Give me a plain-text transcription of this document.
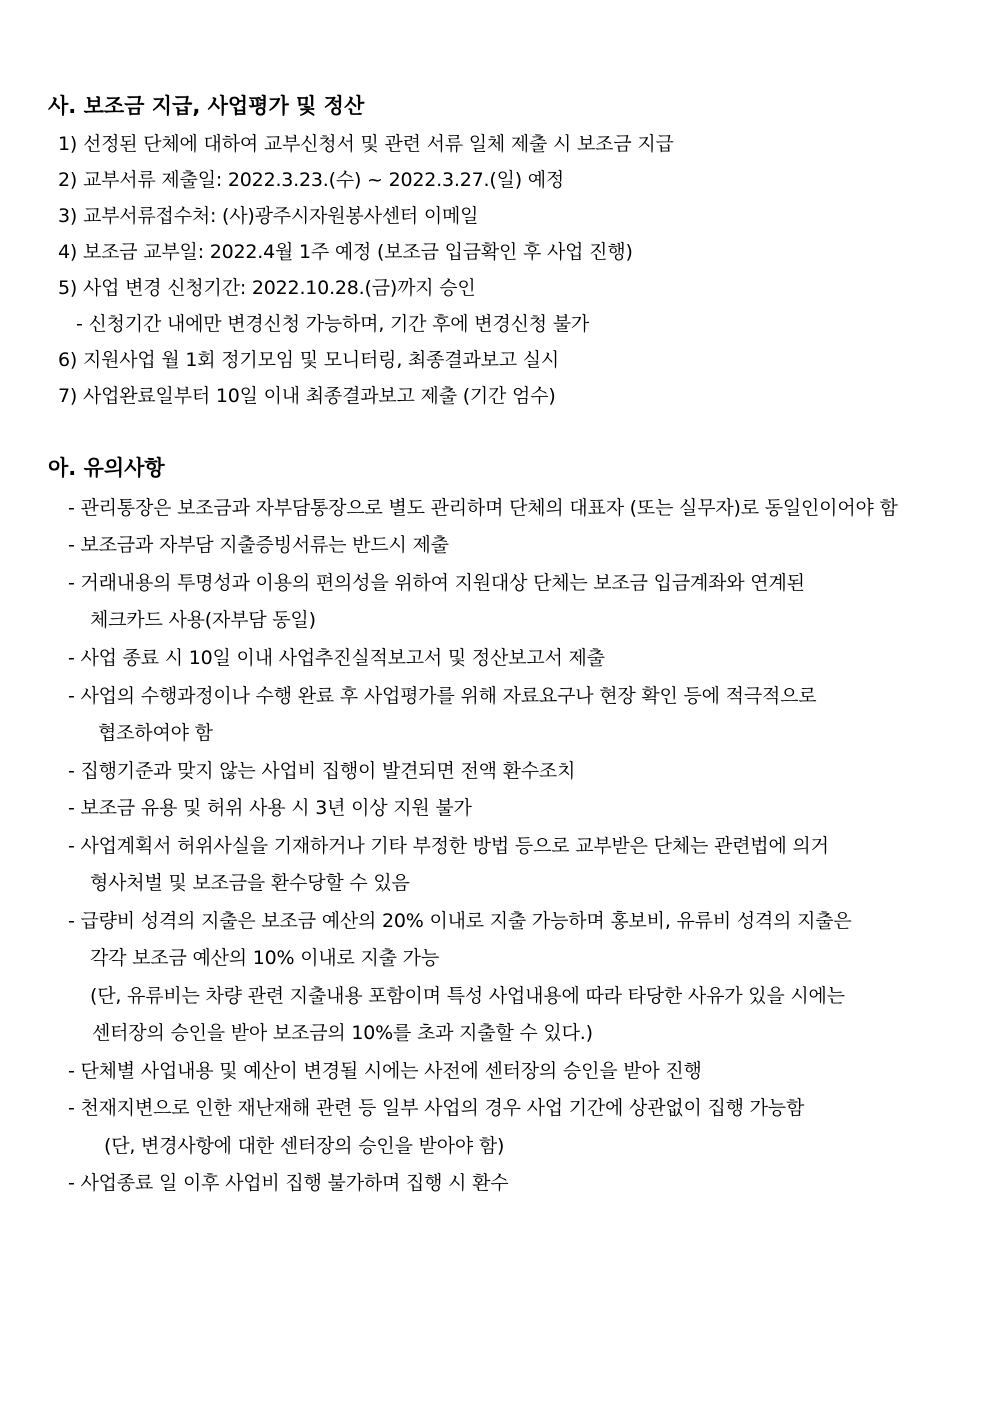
사. 보조금 지급, 사업평가 및 정산
1) 선정된 단체에 대하여 교부신청서 및 관련 서류 일체 제출 시 보조금 지급
2) 교부서류 제출일: 2022.3.23.(수) ~ 2022.3.27.(일) 예정
3) 교부서류접수처: (사)광주시자원봉사센터 이메일
4) 보조금 교부일: 2022.4월 1주 예정 (보조금 입금확인 후 사업 진행)
5) 사업 변경 신청기간: 2022.10.28.(금)까지 승인
- 신청기간 내에만 변경신청 가능하며, 기간 후에 변경신청 불가
6) 지원사업 월 1회 정기모임 및 모니터링, 최종결과보고 실시
7) 사업완료일부터 10일 이내 최종결과보고 제출 (기간 엄수)
아. 유의사항
- 관리통장은 보조금과 자부담통장으로 별도 관리하며 단체의 대표자 (또는 실무자)로 동일인이어야 함
- 보조금과 자부담 지출증빙서류는 반드시 제출
- 거래내용의 투명성과 이용의 편의성을 위하여 지원대상 단체는 보조금 입금계좌와 연계된
체크카드 사용(자부담 동일)
- 사업 종료 시 10일 이내 사업추진실적보고서 및 정산보고서 제출
- 사업의 수행과정이나 수행 완료 후 사업평가를 위해 자료요구나 현장 확인 등에 적극적으로
협조하여야 함
- 집행기준과 맞지 않는 사업비 집행이 발견되면 전액 환수조치
- 보조금 유용 및 허위 사용 시 3년 이상 지원 불가
- 사업계획서 허위사실을 기재하거나 기타 부정한 방법 등으로 교부받은 단체는 관련법에 의거
형사처벌 및 보조금을 환수당할 수 있음
- 급량비 성격의 지출은 보조금 예산의 20% 이내로 지출 가능하며 홍보비, 유류비 성격의 지출은
각각 보조금 예산의 10% 이내로 지출 가능
(단, 유류비는 차량 관련 지출내용 포함이며 특성 사업내용에 따라 타당한 사유가 있을 시에는
센터장의 승인을 받아 보조금의 10%를 초과 지출할 수 있다.)
- 단체별 사업내용 및 예산이 변경될 시에는 사전에 센터장의 승인을 받아 진행
- 천재지변으로 인한 재난재해 관련 등 일부 사업의 경우 사업 기간에 상관없이 집행 가능함
(단, 변경사항에 대한 센터장의 승인을 받아야 함)
- 사업종료 일 이후 사업비 집행 불가하며 집행 시 환수
